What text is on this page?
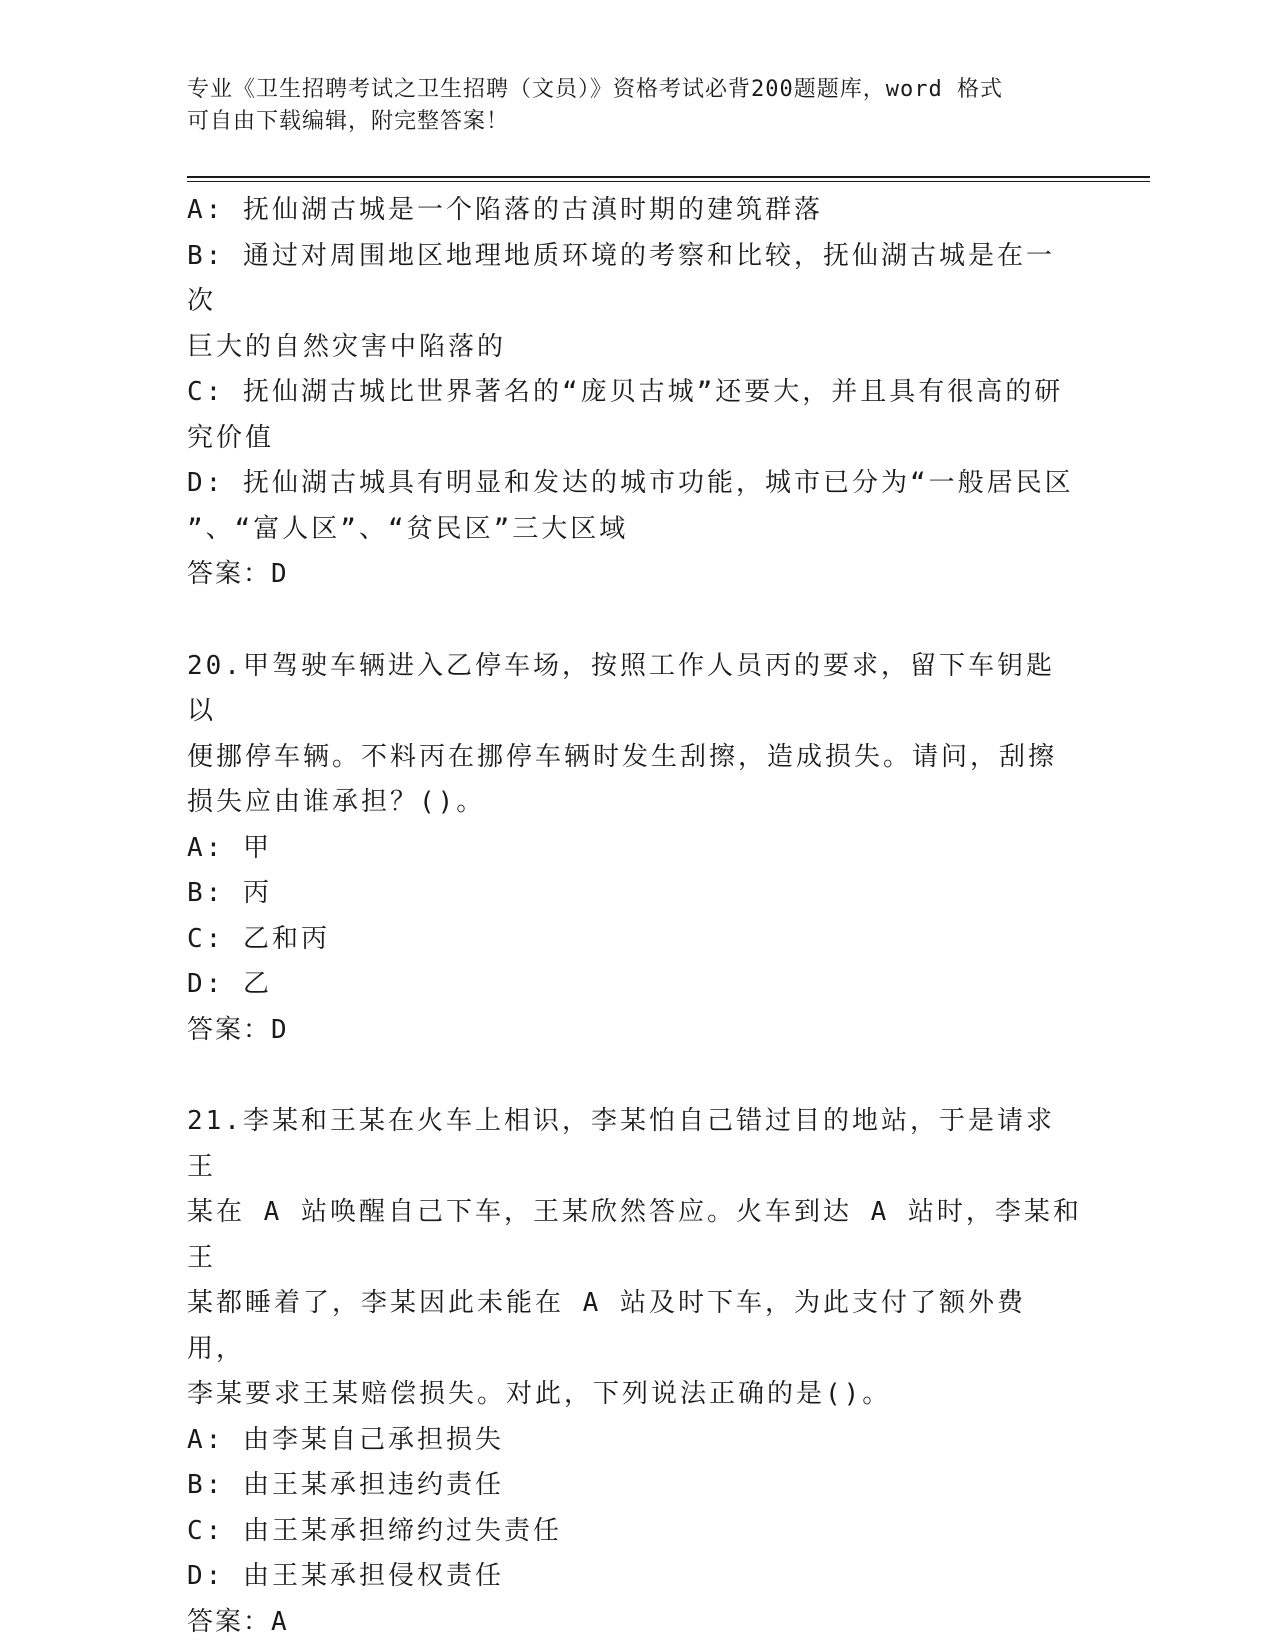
专业《卫生招聘考试之卫生招聘（文员）》资格考试必背200题题库，word 格式
可自由下载编辑，附完整答案！
A: 抚仙湖古城是一个陷落的古滇时期的建筑群落
B: 通过对周围地区地理地质环境的考察和比较，抚仙湖古城是在一次
巨大的自然灾害中陷落的
C: 抚仙湖古城比世界著名的“庞贝古城”还要大，并且具有很高的研
究价值
D: 抚仙湖古城具有明显和发达的城市功能，城市已分为“一般居民区
”、“富人区”、“贫民区”三大区域
答案：D
20.甲驾驶车辆进入乙停车场，按照工作人员丙的要求，留下车钥匙以
便挪停车辆。不料丙在挪停车辆时发生刮擦，造成损失。请问，刮擦
损失应由谁承担？()。
A: 甲
B: 丙
C: 乙和丙
D: 乙
答案：D
21.李某和王某在火车上相识，李某怕自己错过目的地站，于是请求王
某在 A 站唤醒自己下车，王某欣然答应。火车到达 A 站时，李某和王
某都睡着了，李某因此未能在 A 站及时下车，为此支付了额外费用，
李某要求王某赔偿损失。对此，下列说法正确的是()。
A: 由李某自己承担损失
B: 由王某承担违约责任
C: 由王某承担缔约过失责任
D: 由王某承担侵权责任
答案：A
